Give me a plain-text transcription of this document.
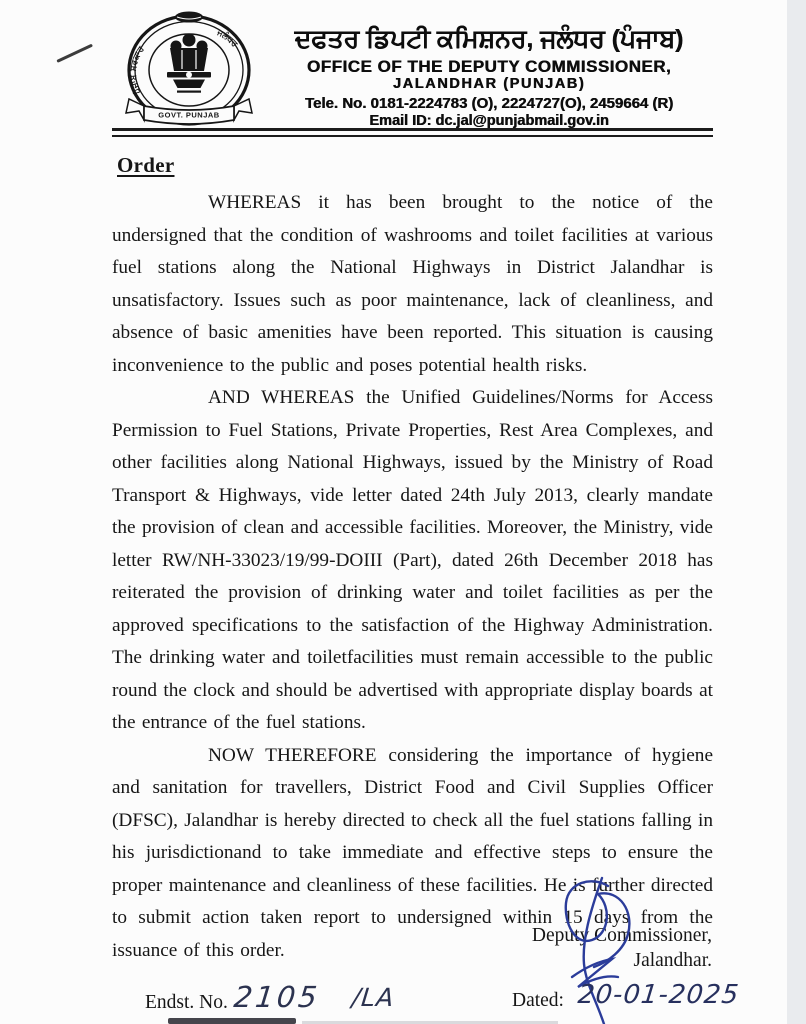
ਪੰਜਾਬ ਸਰਕਾਰ
ਜਲੰਧਰ
GOVT. PUNJAB
ਦਫਤਰ ਡਿਪਟੀ ਕਮਿਸ਼ਨਰ, ਜਲੰਧਰ (ਪੰਜਾਬ)
OFFICE OF THE DEPUTY COMMISSIONER,
JALANDHAR (PUNJAB)
Tele. No. 0181-2224783 (O), 2224727(O), 2459664 (R)
Email ID: dc.jal@punjabmail.gov.in
Order

WHEREAS it has been brought to the notice of the undersigned that the condition of washrooms and toilet facilities at various fuel stations along the National Highways in District Jalandhar is unsatisfactory. Issues such as poor maintenance, lack of cleanliness, and absence of basic amenities have been reported. This situation is causing inconvenience to the public and poses potential health risks.

AND WHEREAS the Unified Guidelines/Norms for Access Permission to Fuel Stations, Private Properties, Rest Area Complexes, and other facilities along National Highways, issued by the Ministry of Road Transport & Highways, vide letter dated 24th July 2013, clearly mandate the provision of clean and accessible facilities. Moreover, the Ministry, vide letter RW/NH-33023/19/99-DOIII (Part), dated 26th December 2018 has reiterated the provision of drinking water and toilet facilities as per the approved specifications to the satisfaction of the Highway Administration. The drinking water and toiletfacilities must remain accessible to the public round the clock and should be advertised with appropriate display boards at the entrance of the fuel stations.

NOW THEREFORE considering the importance of hygiene and sanitation for travellers, District Food and Civil Supplies Officer (DFSC), Jalandhar is hereby directed to check all the fuel stations falling in his jurisdictionand to take immediate and effective steps to ensure the proper maintenance and cleanliness of these facilities. He is further directed to submit action taken report to undersigned within 15 days from the issuance of this order.

Deputy Commissioner,
Jalandhar.
Endst. No. 2105 /LA	Dated: 20-01-2025
